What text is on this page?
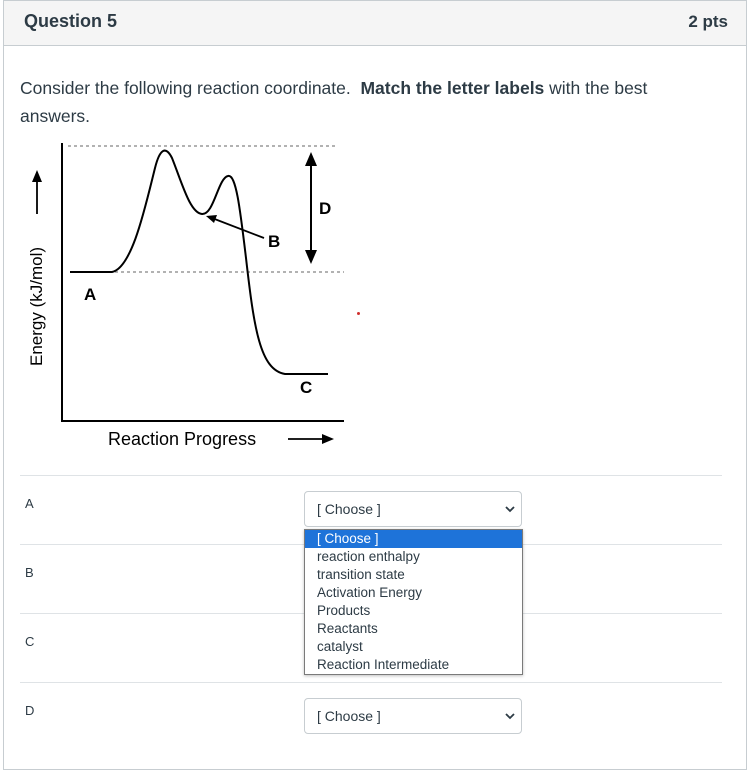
Question 5	2 pts
Consider the following reaction coordinate.  Match the letter labels with the best answers.
Energy (kJ/mol)
Reaction Progress
A
B
C
D
A	[ Choose ]
B
C
D	[ Choose ]
[ Choose ]
reaction enthalpy
transition state
Activation Energy
Products
Reactants
catalyst
Reaction Intermediate
